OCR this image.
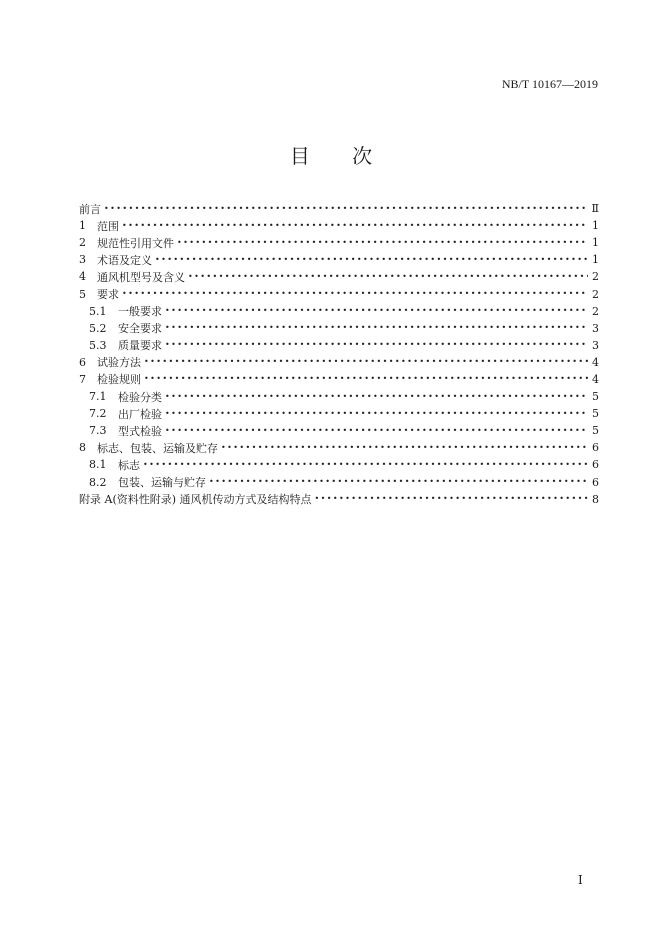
NB/T 10167—2019
目 次
前言 •••••	Ⅱ
1	范围 •••••	1
2	规范性引用文件 •••••	1
3	术语及定义 •••••	1
4	通风机型号及含义 •••••	2
5	要求 •••••	2
5.1	一般要求 •••••	2
5.2	安全要求 •••••	3
5.3	质量要求 •••••	3
6	试验方法 •••••	4
7	检验规则 •••••	4
7.1	检验分类 •••••	5
7.2	出厂检验 •••••	5
7.3	型式检验 •••••	5
8	标志、包装、运输及贮存 •••••	6
8.1	标志 •••••	6
8.2	包装、运输与贮存 •••••	6
附录 A(资料性附录) 通风机传动方式及结构特点 •••••	8
I
